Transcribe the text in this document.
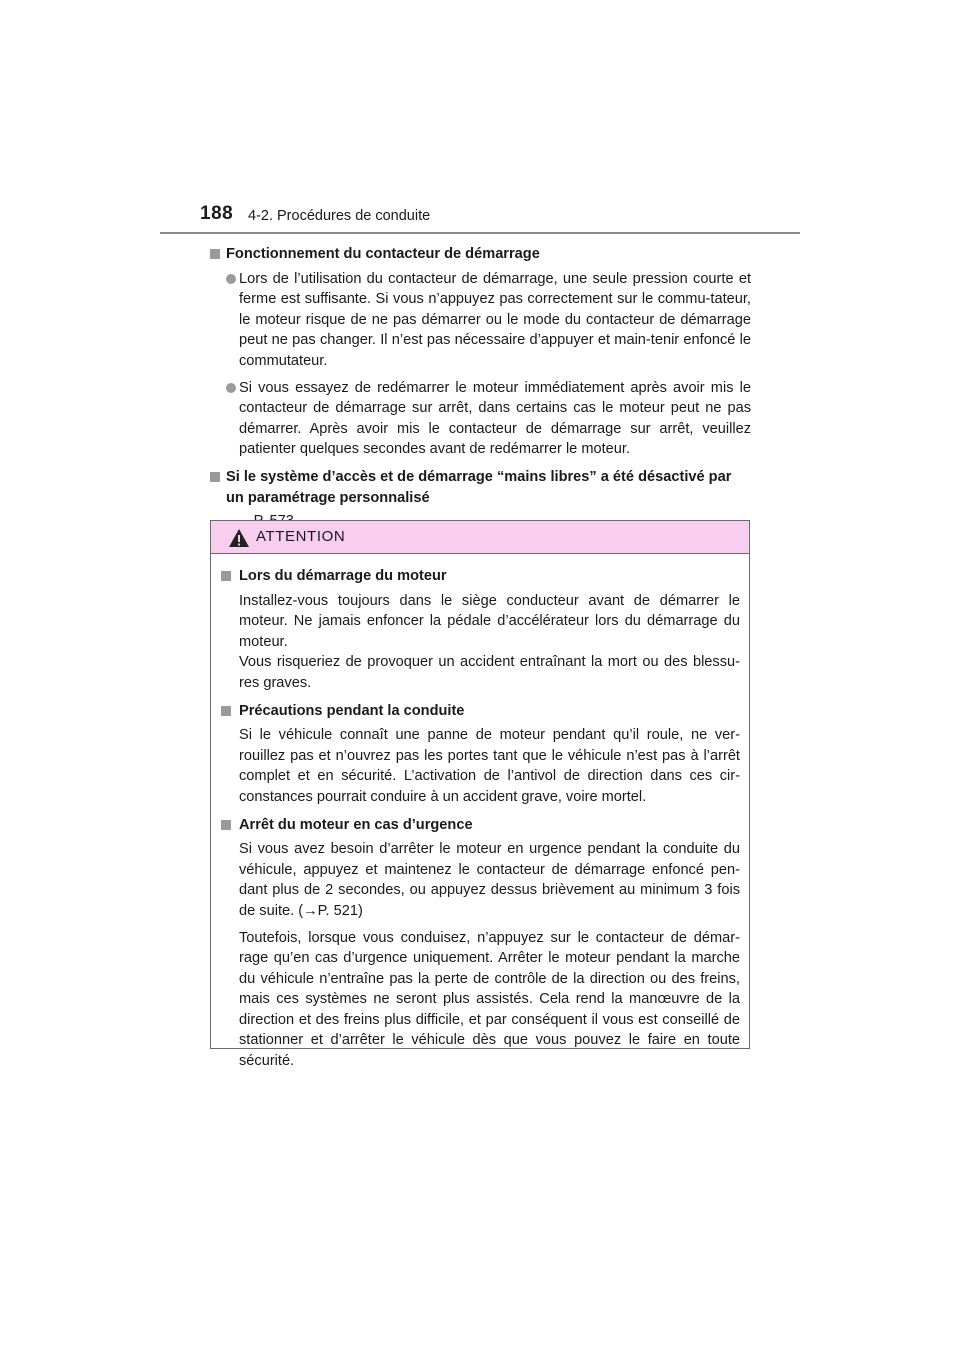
188 4-2. Procédures de conduite
Fonctionnement du contacteur de démarrage
Lors de l’utilisation du contacteur de démarrage, une seule pression courte et ferme est suffisante. Si vous n’appuyez pas correctement sur le commu-tateur, le moteur risque de ne pas démarrer ou le mode du contacteur de démarrage peut ne pas changer. Il n’est pas nécessaire d’appuyer et main-tenir enfoncé le commutateur.
Si vous essayez de redémarrer le moteur immédiatement après avoir mis le contacteur de démarrage sur arrêt, dans certains cas le moteur peut ne pas démarrer. Après avoir mis le contacteur de démarrage sur arrêt, veuillez patienter quelques secondes avant de redémarrer le moteur.
Si le système d’accès et de démarrage “mains libres” a été désactivé par un paramétrage personnalisé
ATTENTION
Lors du démarrage du moteur
Installez-vous toujours dans le siège conducteur avant de démarrer le moteur. Ne jamais enfoncer la pédale d’accélérateur lors du démarrage du moteur.
Vous risqueriez de provoquer un accident entraînant la mort ou des blessu-res graves.
Précautions pendant la conduite
Si le véhicule connaît une panne de moteur pendant qu’il roule, ne ver-rouillez pas et n’ouvrez pas les portes tant que le véhicule n’est pas à l’arrêt complet et en sécurité. L’activation de l’antivol de direction dans ces cir-constances pourrait conduire à un accident grave, voire mortel.
Arrêt du moteur en cas d’urgence
Si vous avez besoin d’arrêter le moteur en urgence pendant la conduite du véhicule, appuyez et maintenez le contacteur de démarrage enfoncé pen-dant plus de 2 secondes, ou appuyez dessus brièvement au minimum 3 fois de suite. (→P. 521)
Toutefois, lorsque vous conduisez, n’appuyez sur le contacteur de démar-rage qu’en cas d’urgence uniquement. Arrêter le moteur pendant la marche du véhicule n’entraîne pas la perte de contrôle de la direction ou des freins, mais ces systèmes ne seront plus assistés. Cela rend la manœuvre de la direction et des freins plus difficile, et par conséquent il vous est conseillé de stationner et d’arrêter le véhicule dès que vous pouvez le faire en toute sécurité.
